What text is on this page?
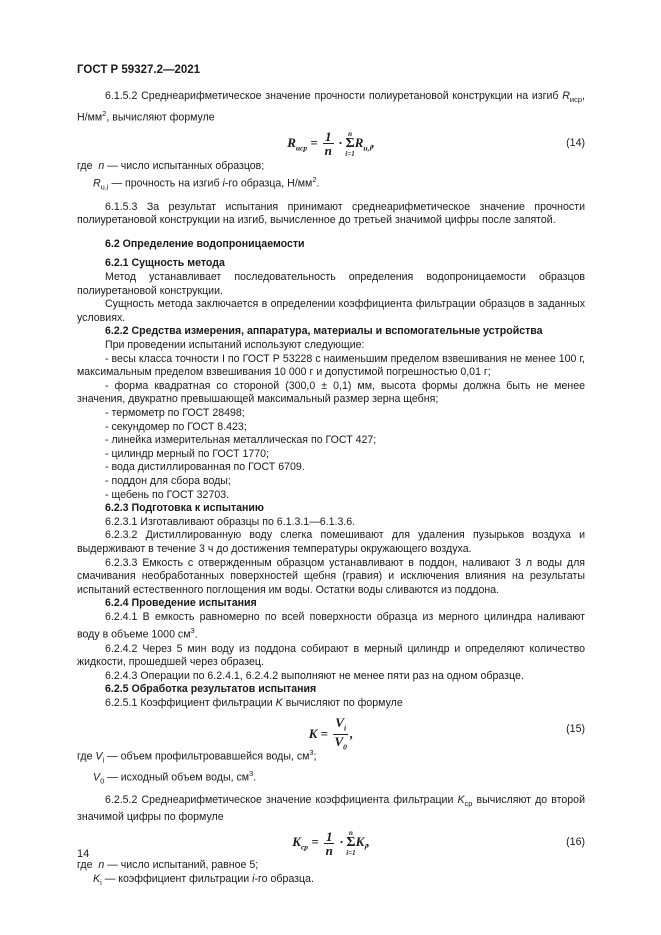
ГОСТ Р 59327.2—2021

6.1.5.2 Среднеарифметическое значение прочности полиуретановой конструкции на изгиб $R_{исp}$, $Н/мм^2$, вычисляют формуле

$R_{исp} = \frac{1}{n}$ ·
n
Σ
i=1
$R_{u,i}$,	(14)

где n — число испытанных образцов;

$R_{u,i}$ — прочность на изгиб i-го образца, $Н/мм^2$.

6.1.5.3 За результат испытания принимают среднеарифметическое значение прочности полиуретановой конструкции на изгиб, вычисленное до третьей значимой цифры после запятой.

6.2 Определение водопроницаемости

6.2.1 Сущность метода

Метод устанавливает последовательность определения водопроницаемости образцов полиуретановой конструкции.

Сущность метода заключается в определении коэффициента фильтрации образцов в заданных условиях.

6.2.2 Средства измерения, аппаратура, материалы и вспомогательные устройства

При проведении испытаний используют следующие:

- весы класса точности I по ГОСТ Р 53228 с наименьшим пределом взвешивания не менее 100 г, максимальным пределом взвешивания 10 000 г и допустимой погрешностью 0,01 г;

- форма квадратная со стороной (300,0 ± 0,1) мм, высота формы должна быть не менее значения, двукратно превышающей максимальный размер зерна щебня;

- термометр по ГОСТ 28498;

- секундомер по ГОСТ 8.423;

- линейка измерительная металлическая по ГОСТ 427;

- цилиндр мерный по ГОСТ 1770;

- вода дистиллированная по ГОСТ 6709.

- поддон для сбора воды;

- щебень по ГОСТ 32703.

6.2.3 Подготовка к испытанию

6.2.3.1 Изготавливают образцы по 6.1.3.1—6.1.3.6.

6.2.3.2 Дистиллированную воду слегка помешивают для удаления пузырьков воздуха и выдерживают в течение 3 ч до достижения температуры окружающего воздуха.

6.2.3.3 Емкость с отвержденным образцом устанавливают в поддон, наливают 3 л воды для смачивания необработанных поверхностей щебня (гравия) и исключения влияния на результаты испытаний естественного поглощения им воды. Остатки воды сливаются из поддона.

6.2.4 Проведение испытания

6.2.4.1 В емкость равномерно по всей поверхности образца из мерного цилиндра наливают воду в объеме 1000 $см^3$.

6.2.4.2 Через 5 мин воду из поддона собирают в мерный цилиндр и определяют количество жидкости, прошедшей через образец.

6.2.4.3 Операции по 6.2.4.1, 6.2.4.2 выполняют не менее пяти раз на одном образце.

6.2.5 Обработка результатов испытания

6.2.5.1 Коэффициент фильтрации K вычисляют по формуле

$K = \frac{V_i}{V_0}$ ,	(15)

где $V_i$ — объем профильтровавшейся воды, $см^3$;

$V_0$ — исходный объем воды, $см^3$.

6.2.5.2 Среднеарифметическое значение коэффициента фильтрации $K_{ср}$ вычисляют до второй значимой цифры по формуле

$K_{ср} = \frac{1}{n}$ ·
n
Σ
i=1
$K_i$,	(16)

где n — число испытаний, равное 5;

$K_i$ — коэффициент фильтрации i-го образца.

14
